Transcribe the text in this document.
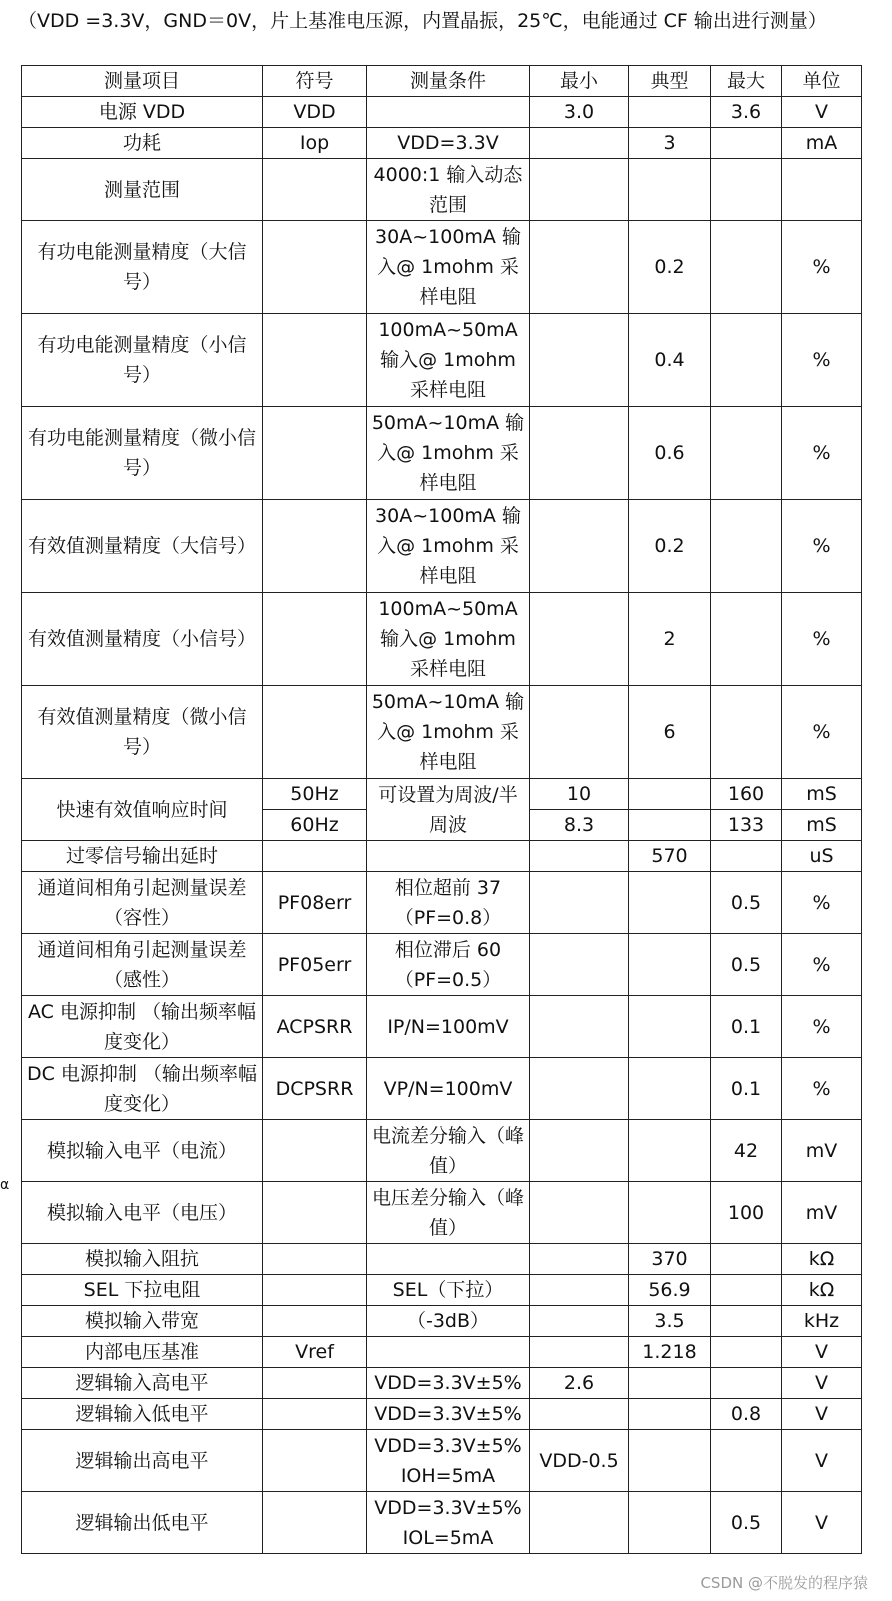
（VDD =3.3V，GND＝0V，片上基准电压源，内置晶振，25℃，电能通过 CF 输出进行测量）
α
测量项目	符号	测量条件	最小	典型	最大	单位
电源 VDD	VDD		3.0		3.6	V
功耗	Iop	VDD=3.3V		3		mA
测量范围		4000:1 输入动态范围				
有功电能测量精度（大信号）		30A~100mA 输入@ 1mohm 采样电阻		0.2		%
有功电能测量精度（小信号）		100mA~50mA 输入@ 1mohm 采样电阻		0.4		%
有功电能测量精度（微小信号）		50mA~10mA 输入@ 1mohm 采样电阻		0.6		%
有效值测量精度（大信号）		30A~100mA 输入@ 1mohm 采样电阻		0.2		%
有效值测量精度（小信号）		100mA~50mA 输入@ 1mohm 采样电阻		2		%
有效值测量精度（微小信号）		50mA~10mA 输入@ 1mohm 采样电阻		6		%
快速有效值响应时间	50Hz	可设置为周波/半周波	10		160	mS
	60Hz		8.3		133	mS
过零信号输出延时				570		uS
通道间相角引起测量误差（容性）	PF08err	相位超前 37（PF=0.8）			0.5	%
通道间相角引起测量误差（感性）	PF05err	相位滞后 60（PF=0.5）			0.5	%
AC 电源抑制 （输出频率幅度变化）	ACPSRR	IP/N=100mV			0.1	%
DC 电源抑制 （输出频率幅度变化）	DCPSRR	VP/N=100mV			0.1	%
模拟输入电平（电流）		电流差分输入（峰值）			42	mV
模拟输入电平（电压）		电压差分输入（峰值）			100	mV
模拟输入阻抗				370		kΩ
SEL 下拉电阻		SEL（下拉）		56.9		kΩ
模拟输入带宽		（-3dB）		3.5		kHz
内部电压基准	Vref			1.218		V
逻辑输入高电平		VDD=3.3V±5%	2.6			V
逻辑输入低电平		VDD=3.3V±5%			0.8	V
逻辑输出高电平		VDD=3.3V±5% IOH=5mA	VDD-0.5			V
逻辑输出低电平		VDD=3.3V±5% IOL=5mA			0.5	V
CSDN @不脱发的程序猿
